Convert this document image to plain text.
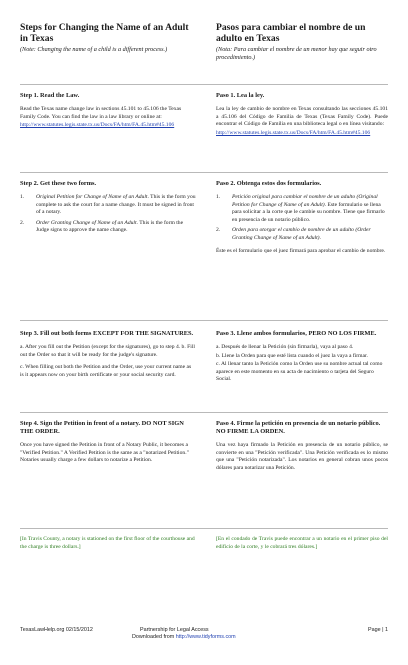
Steps for Changing the Name of an Adult in Texas
(Note: Changing the name of a child is a different process.)
Pasos para cambiar el nombre de un adulto en Texas
(Nota: Para cambiar el nombre de un menor hay que seguir otro procedimiento.)
Step 1. Read the Law.

Read the Texas name change law in sections 45.101 to 45.106 the Texas Family Code. You can find the law in a law library or online at:

http://www.statutes.legis.state.tx.us/Docs/FA/htm/FA.45.htm#45.106
Paso 1. Lea la ley.

Lea la ley de cambio de nombre en Texas consultando las secciones 45.101 a 45.106 del Código de Familia de Texas (Texas Family Code). Puede encontrar el Código de Familia en una biblioteca legal o en línea visitando:

http://www.statutes.legis.state.tx.us/Docs/FA/htm/FA.45.htm#45.106
Step 2. Get these two forms.
1.	Original Petition for Change of Name of an Adult. This is the form you complete to ask the court for a name change. It must be signed in front of a notary.
2.	Order Granting Change of Name of an Adult. This is the form the Judge signs to approve the name change.
Paso 2. Obtenga estos dos formularios.
1.	Petición original para cambiar el nombre de un adulto (Original Petition for Change of Name of an Adult). Este formulario se llena para solicitar a la corte que le cambie su nombre. Tiene que firmarlo en presencia de un notario público.
2.	Orden para otorgar el cambio de nombre de un adulto (Order Granting Change of Name of an Adult).

Éste es el formulario que el juez firmará para aprobar el cambio de nombre.

Step 3. Fill out both forms EXCEPT FOR THE SIGNATURES.

a. After you fill out the Petition (except for the signatures), go to step 4. b. Fill out the Order so that it will be ready for the judge's signature.

c. When filling out both the Petition and the Order, use your current name as is it appears now on your birth certificate or your social security card.

Paso 3. Llene ambos formularios, PERO NO LOS FIRME.

a. Después de llenar la Petición (sin firmarla), vaya al paso 4.

b. Llene la Orden para que esté lista cuando el juez la vaya a firmar.

c. Al llenar tanto la Petición como la Orden use su nombre actual tal como aparece en este momento en su acta de nacimiento o tarjeta del Seguro Social.

Step 4. Sign the Petition in front of a notary. DO NOT SIGN THE ORDER.

Once you have signed the Petition in front of a Notary Public, it becomes a "Verified Petition." A Verified Petition is the same as a "notarized Petition." Notaries usually charge a few dollars to notarize a Petition.

Paso 4. Firme la petición en presencia de un notario público. NO FIRME LA ORDEN.

Una vez haya firmado la Petición en presencia de un notario público, se convierte en una "Petición verificada". Una Petición verificada es lo mismo que una "Petición notarizada". Los notarios en general cobran unos pocos dólares para notarizar una Petición.

[In Travis County, a notary is stationed on the first floor of the courthouse and the charge is three dollars.]

[En el condado de Travis puede encontrar a un notario en el primer piso del edificio de la corte, y le cobrará tres dólares.]

TexasLawHelp.org 02/15/2012	Partnership for Legal Access	Page | 1
Downloaded from http://www.tidyforms.com
